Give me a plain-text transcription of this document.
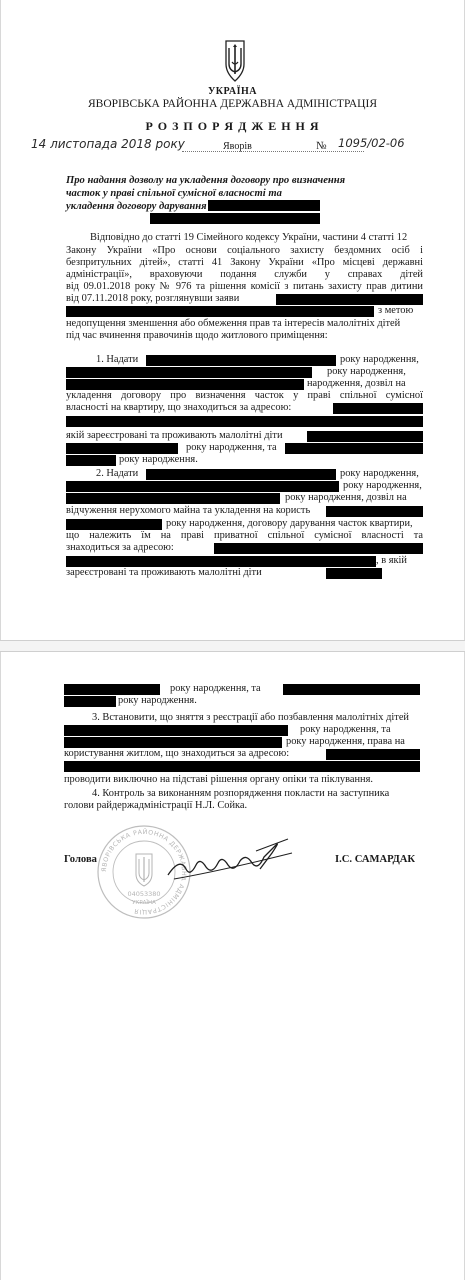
УКРАЇНА
ЯВОРІВСЬКА РАЙОННА ДЕРЖАВНА АДМІНІСТРАЦІЯ
Р О З П О Р Я Д Ж Е Н Н Я
14 листопада 2018 року	Яворів	№ 1095/02-06
Про надання дозволу на укладення договору про визначення
часток у праві спільної сумісної власності та
укладення договору дарування
Відповідно до статті 19 Сімейного кодексу України, частини 4 статті 12
Закону України «Про основи соціального захисту бездомних осіб і
безпритульних дітей», статті 41 Закону України «Про місцеві державні
адміністрації», враховуючи подання служби у справах дітей
від 09.01.2018 року № 976 та рішення комісії з питань захисту прав дитини
від 07.11.2018 року, розглянувши заяви
з метою
недопущення зменшення або обмеження прав та інтересів малолітніх дітей
під час вчинення правочинів щодо житлового приміщення:
1. Надати	року народження,
року народження,
народження, дозвіл на
укладення договору про визначення часток у праві спільної сумісної
власності на квартиру, що знаходиться за адресою:
якій зареєстровані та проживають малолітні діти
року народження, та
року народження.
2. Надати	року народження,
року народження,
року народження, дозвіл на
відчуження нерухомого майна та укладення на користь
року народження, договору дарування часток квартири,
що належить їм на праві приватної спільної сумісної власності та
знаходиться за адресою:
, в якій
зареєстровані та проживають малолітні діти
року народження, та
року народження.
3. Встановити, що зняття з реєстрації або позбавлення малолітніх дітей
року народження, та
року народження, права на
користування житлом, що знаходиться за адресою:
проводити виключно на підставі рішення органу опіки та піклування.
4. Контроль за виконанням розпорядження покласти на заступника
голови райдержадміністрації Н.Л. Сойка.
ЯВОРІВСЬКА РАЙОННА ДЕРЖАВНА АДМІНІСТРАЦІЯ
04053380
УКРАЇНА
Голова	І.С. САМАРДАК
